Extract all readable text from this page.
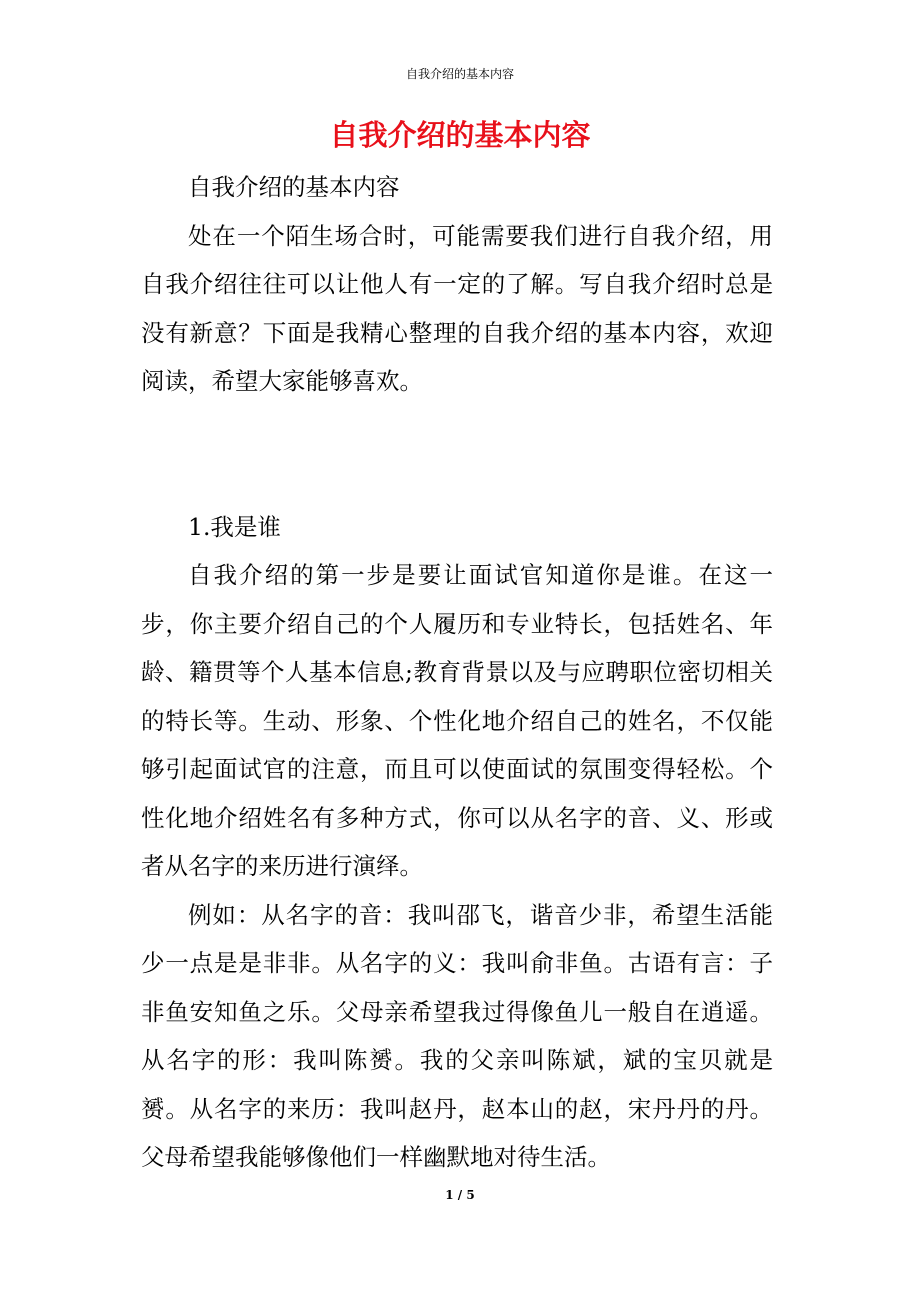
自我介绍的基本内容
自我介绍的基本内容

自我介绍的基本内容

处在一个陌生场合时，可能需要我们进行自我介绍，用自我介绍往往可以让他人有一定的了解。写自我介绍时总是没有新意？下面是我精心整理的自我介绍的基本内容，欢迎阅读，希望大家能够喜欢。

1.我是谁

自我介绍的第一步是要让面试官知道你是谁。在这一步，你主要介绍自己的个人履历和专业特长，包括姓名、年龄、籍贯等个人基本信息;教育背景以及与应聘职位密切相关的特长等。生动、形象、个性化地介绍自己的姓名，不仅能够引起面试官的注意，而且可以使面试的氛围变得轻松。个性化地介绍姓名有多种方式，你可以从名字的音、义、形或者从名字的来历进行演绎。

例如：从名字的音：我叫邵飞，谐音少非，希望生活能少一点是是非非。从名字的义：我叫俞非鱼。古语有言：子非鱼安知鱼之乐。父母亲希望我过得像鱼儿一般自在逍遥。从名字的形：我叫陈赟。我的父亲叫陈斌，斌的宝贝就是赟。从名字的来历：我叫赵丹，赵本山的赵，宋丹丹的丹。父母希望我能够像他们一样幽默地对待生活。

1 / 5
